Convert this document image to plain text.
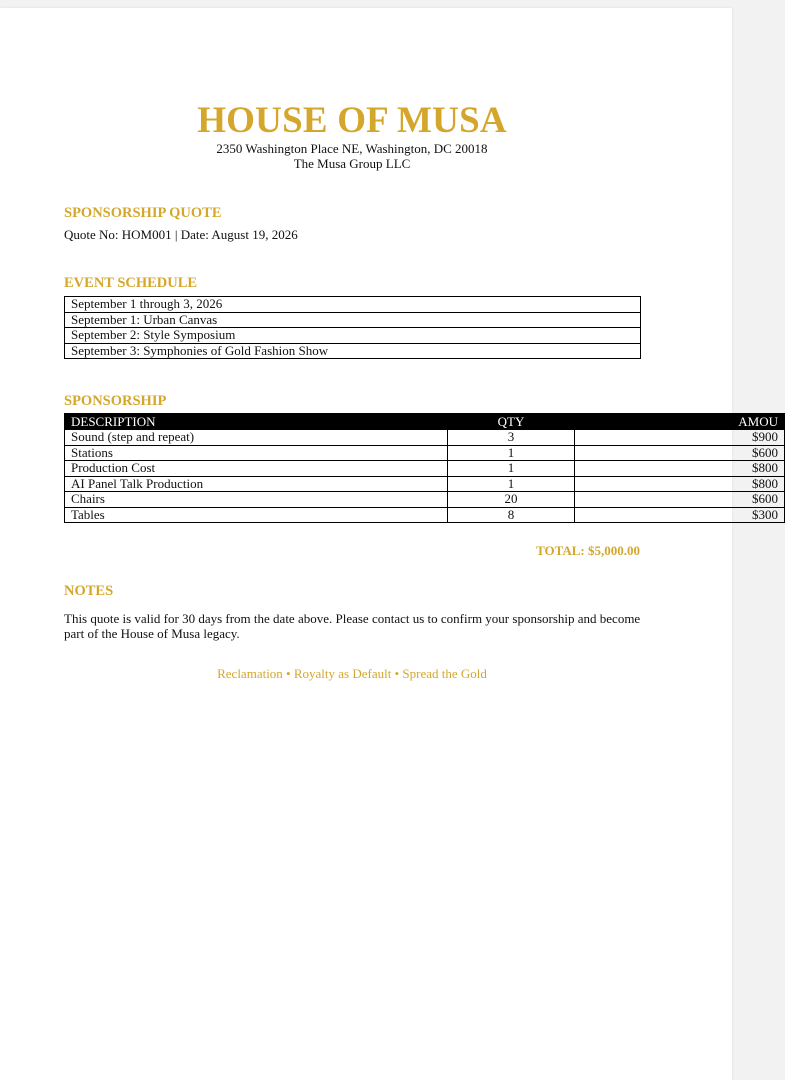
HOUSE OF MUSA
2350 Washington Place NE, Washington, DC 20018
The Musa Group LLC
SPONSORSHIP QUOTE
Quote No: HOM001 | Date: August 19, 2026
EVENT SCHEDULE
September 1 through 3, 2026
September 1: Urban Canvas
September 2: Style Symposium
September 3: Symphonies of Gold Fashion Show
SPONSORSHIP
DESCRIPTION	QTY	AMOU
Sound (step and repeat)	3	$900
Stations	1	$600
Production Cost	1	$800
AI Panel Talk Production	1	$800
Chairs	20	$600
Tables	8	$300
TOTAL: $5,000.00
NOTES
This quote is valid for 30 days from the date above. Please contact us to confirm your sponsorship and become part of the House of Musa legacy.
Reclamation • Royalty as Default • Spread the Gold
